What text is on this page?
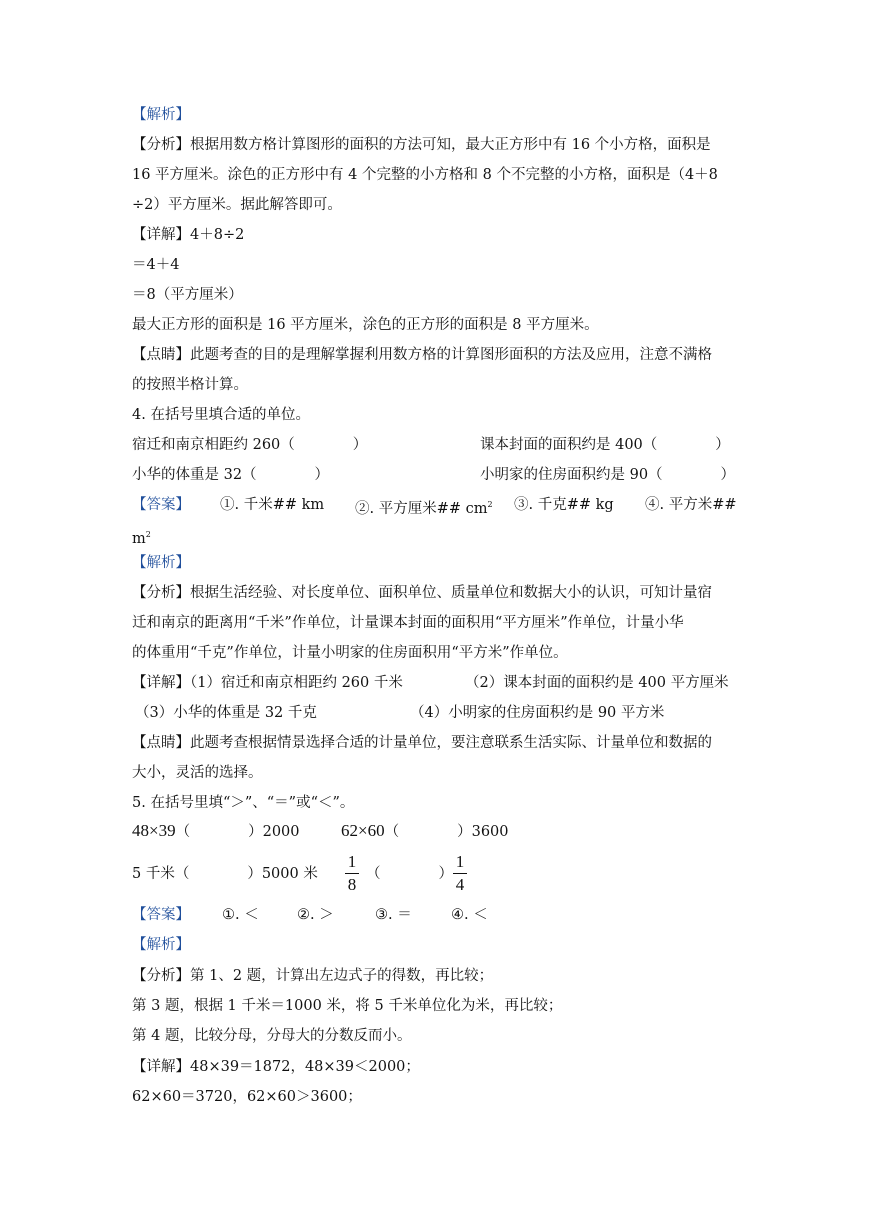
【解析】
【分析】根据用数方格计算图形的面积的方法可知，最大正方形中有 16 个小方格，面积是
16 平方厘米。涂色的正方形中有 4 个完整的小方格和 8 个不完整的小方格，面积是（4＋8
÷2）平方厘米。据此解答即可。
【详解】4＋8÷2
＝4＋4
＝8（平方厘米）
最大正方形的面积是 16 平方厘米，涂色的正方形的面积是 8 平方厘米。
【点睛】此题考查的目的是理解掌握利用数方格的计算图形面积的方法及应用，注意不满格
的按照半格计算。
4. 在括号里填合适的单位。
宿迁和南京相距约 260（　　　　）	课本封面的面积约是 400（　　　　）
小华的体重是 32（　　　　）	小明家的住房面积约是 90（　　　　）
【答案】 ①. 千米## km ②. 平方厘米## $cm^2$ ③. 千克## kg ④. 平方米##
$m^2$
【解析】
【分析】根据生活经验、对长度单位、面积单位、质量单位和数据大小的认识，可知计量宿
迁和南京的距离用“千米”作单位，计量课本封面的面积用“平方厘米”作单位，计量小华
的体重用“千克”作单位，计量小明家的住房面积用“平方米”作单位。
【详解】（1）宿迁和南京相距约 260 千米	（2）课本封面的面积约是 400 平方厘米
（3）小华的体重是 32 千克	（4）小明家的住房面积约是 90 平方米
【点睛】此题考查根据情景选择合适的计量单位，要注意联系生活实际、计量单位和数据的
大小，灵活的选择。
5. 在括号里填“＞”、“＝”或“＜”。
48×39（　　　　）2000 62×60（　　　　）3600
5 千米（　　　　）5000 米
1
8
（　　　　）
1
4
【答案】 ①. ＜	②. ＞	③. ＝	④. ＜
【解析】
【分析】第 1、2 题，计算出左边式子的得数，再比较；
第 3 题，根据 1 千米＝1000 米，将 5 千米单位化为米，再比较；
第 4 题，比较分母，分母大的分数反而小。
【详解】48×39＝1872，48×39＜2000；
62×60＝3720，62×60＞3600；
